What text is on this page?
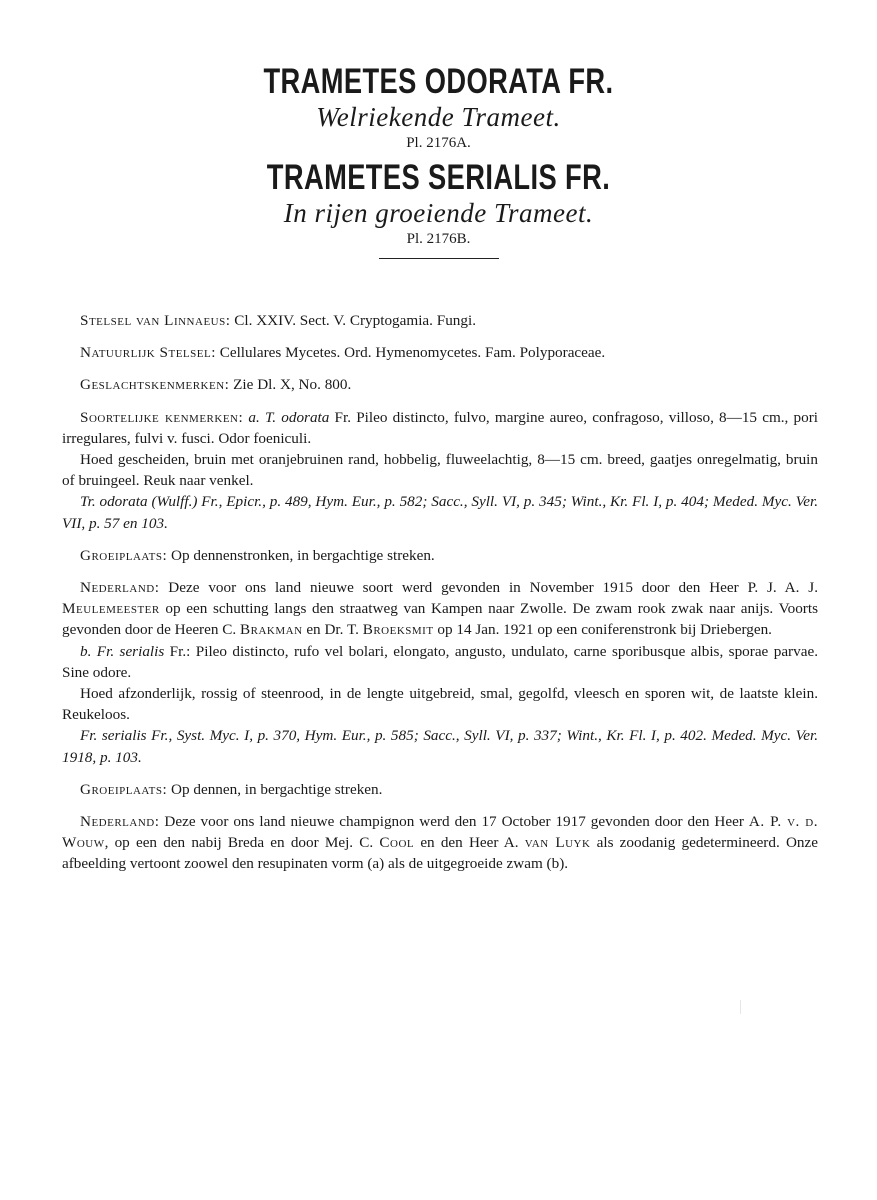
TRAMETES ODORATA FR.
Welriekende Trameet.
Pl. 2176A.
TRAMETES SERIALIS FR.
In rijen groeiende Trameet.
Pl. 2176B.

Stelsel van Linnaeus: Cl. XXIV. Sect. V. Cryptogamia. Fungi.

Natuurlijk Stelsel: Cellulares Mycetes. Ord. Hymenomycetes. Fam. Polyporaceae.

Geslachtskenmerken: Zie Dl. X, No. 800.

Soortelijke kenmerken: a. T. odorata Fr. Pileo distincto, fulvo, margine aureo, confragoso, villoso, 8—15 cm., pori irregulares, fulvi v. fusci. Odor foeniculi.

Hoed gescheiden, bruin met oranjebruinen rand, hobbelig, fluweelachtig, 8—15 cm. breed, gaatjes onregelmatig, bruin of bruingeel. Reuk naar venkel.

Tr. odorata (Wulff.) Fr., Epicr., p. 489, Hym. Eur., p. 582; Sacc., Syll. VI, p. 345; Wint., Kr. Fl. I, p. 404; Meded. Myc. Ver. VII, p. 57 en 103.

Groeiplaats: Op dennenstronken, in bergachtige streken.

Nederland: Deze voor ons land nieuwe soort werd gevonden in November 1915 door den Heer P. J. A. J. Meulemeester op een schutting langs den straatweg van Kampen naar Zwolle. De zwam rook zwak naar anijs. Voorts gevonden door de Heeren C. Brakman en Dr. T. Broeksmit op 14 Jan. 1921 op een coniferenstronk bij Driebergen.

b. Fr. serialis Fr.: Pileo distincto, rufo vel bolari, elongato, angusto, undulato, carne sporibusque albis, sporae parvae. Sine odore.

Hoed afzonderlijk, rossig of steenrood, in de lengte uitgebreid, smal, gegolfd, vleesch en sporen wit, de laatste klein. Reukeloos.

Fr. serialis Fr., Syst. Myc. I, p. 370, Hym. Eur., p. 585; Sacc., Syll. VI, p. 337; Wint., Kr. Fl. I, p. 402. Meded. Myc. Ver. 1918, p. 103.

Groeiplaats: Op dennen, in bergachtige streken.

Nederland: Deze voor ons land nieuwe champignon werd den 17 October 1917 gevonden door den Heer A. P. v. d. Wouw, op een den nabij Breda en door Mej. C. Cool en den Heer A. van Luyk als zoodanig gedetermineerd. Onze afbeelding vertoont zoowel den resupinaten vorm (a) als de uitgegroeide zwam (b).
